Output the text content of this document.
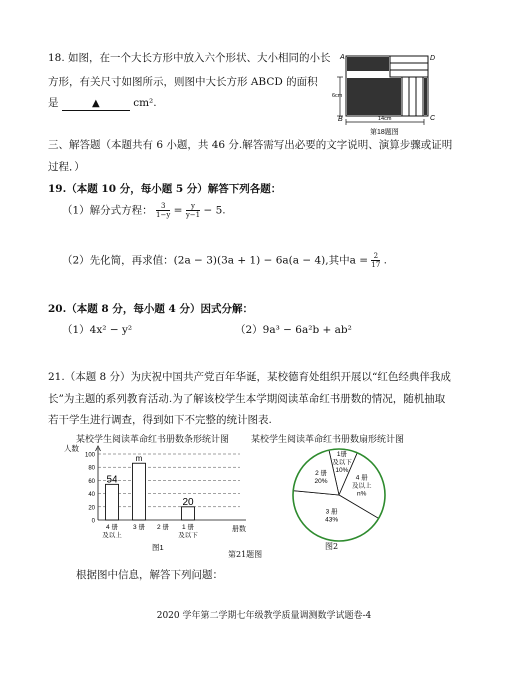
18. 如图，在一个大长方形中放入六个形状、大小相同的小长
方形，有关尺寸如图所示，则图中大长方形 ABCD 的面积
是	▲	cm².
A	D
B	C
6cm
14cm
第18题图
三、解答题（本题共有 6 小题，共 46 分.解答需写出必要的文字说明、演算步骤或证明
过程．）
19.（本题 10 分，每小题 5 分）解答下列各题：
（1）解分式方程： $\frac{3}{1-y} = \frac{y}{y-1} - 5$.
（2）先化简，再求值：(2a − 3)(3a + 1) − 6a(a − 4),其中$a = \frac{2}{17}$ .
20.（本题 8 分，每小题 4 分）因式分解：
（1）4x² − y²	（2）9a³ − 6a²b + ab²
21.（本题 8 分）为庆祝中国共产党百年华诞，某校德育处组织开展以“红色经典伴我成
长”为主题的系列教育活动.为了解该校学生本学期阅读革命红书册数的情况，随机抽取
若干学生进行调查，得到如下不完整的统计图表.
某校学生阅读革命红书册数条形统计图 某校学生阅读革命红书册数扇形统计图
人数
0
20
40
60
80
100
54
4 册
及以上
m
3 册 2 册
20
1 册
及以下
册数
图1
1册
及以下
10%
4 册
及以上
n%
3 册
43%
2 册
20%
图2
第21题图
根据图中信息，解答下列问题：
2020 学年第二学期七年级教学质量调测数学试题卷-4
